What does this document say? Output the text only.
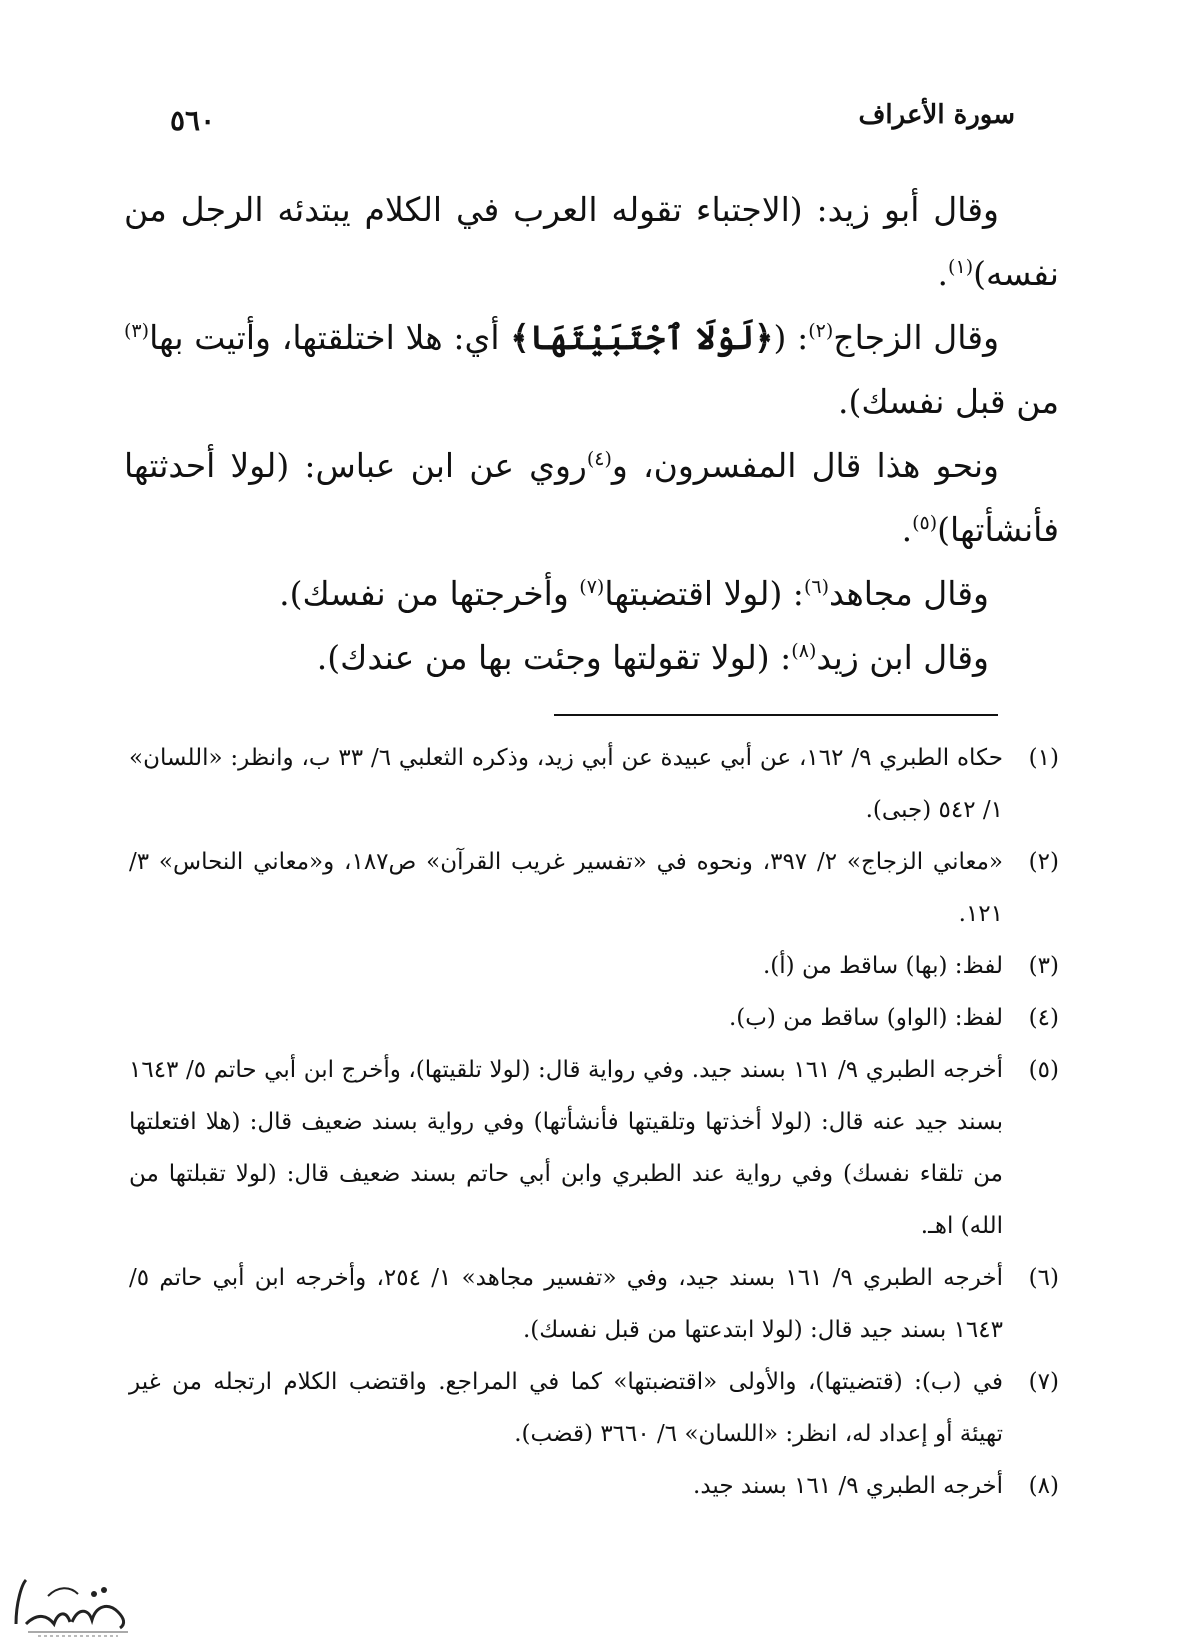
سورة الأعراف
٥٦٠

وقال أبو زيد: (الاجتباء تقوله العرب في الكلام يبتدئه الرجل من نفسه)$^{(١)}$.

وقال الزجاج$^{(٢)}$: (﴿لَوْلَا ٱجْتَبَيْتَهَا﴾ أي: هلا اختلقتها، وأتيت بها$^{(٣)}$ من قبل نفسك).

ونحو هذا قال المفسرون، و$^{(٤)}$روي عن ابن عباس: (لولا أحدثتها فأنشأتها)$^{(٥)}$.

وقال مجاهد$^{(٦)}$: (لولا اقتضبتها$^{(٧)}$ وأخرجتها من نفسك).

وقال ابن زيد$^{(٨)}$: (لولا تقولتها وجئت بها من عندك).

(١)
حكاه الطبري ٩/ ١٦٢، عن أبي عبيدة عن أبي زيد، وذكره الثعلبي ٦/ ٣٣ ب، وانظر: «اللسان» ١/ ٥٤٢ (جبى).
(٢)
«معاني الزجاج» ٢/ ٣٩٧، ونحوه في «تفسير غريب القرآن» ص١٨٧، و«معاني النحاس» ٣/ ١٢١.
(٣)
لفظ: (بها) ساقط من (أ).
(٤)
لفظ: (الواو) ساقط من (ب).
(٥)
أخرجه الطبري ٩/ ١٦١ بسند جيد. وفي رواية قال: (لولا تلقيتها)، وأخرج ابن أبي حاتم ٥/ ١٦٤٣ بسند جيد عنه قال: (لولا أخذتها وتلقيتها فأنشأتها) وفي رواية بسند ضعيف قال: (هلا افتعلتها من تلقاء نفسك) وفي رواية عند الطبري وابن أبي حاتم بسند ضعيف قال: (لولا تقبلتها من الله) اهـ.
(٦)
أخرجه الطبري ٩/ ١٦١ بسند جيد، وفي «تفسير مجاهد» ١/ ٢٥٤، وأخرجه ابن أبي حاتم ٥/ ١٦٤٣ بسند جيد قال: (لولا ابتدعتها من قبل نفسك).
(٧)
في (ب): (قتضيتها)، والأولى «اقتضبتها» كما في المراجع. واقتضب الكلام ارتجله من غير تهيئة أو إعداد له، انظر: «اللسان» ٦/ ٣٦٦٠ (قضب).
(٨)
أخرجه الطبري ٩/ ١٦١ بسند جيد.
